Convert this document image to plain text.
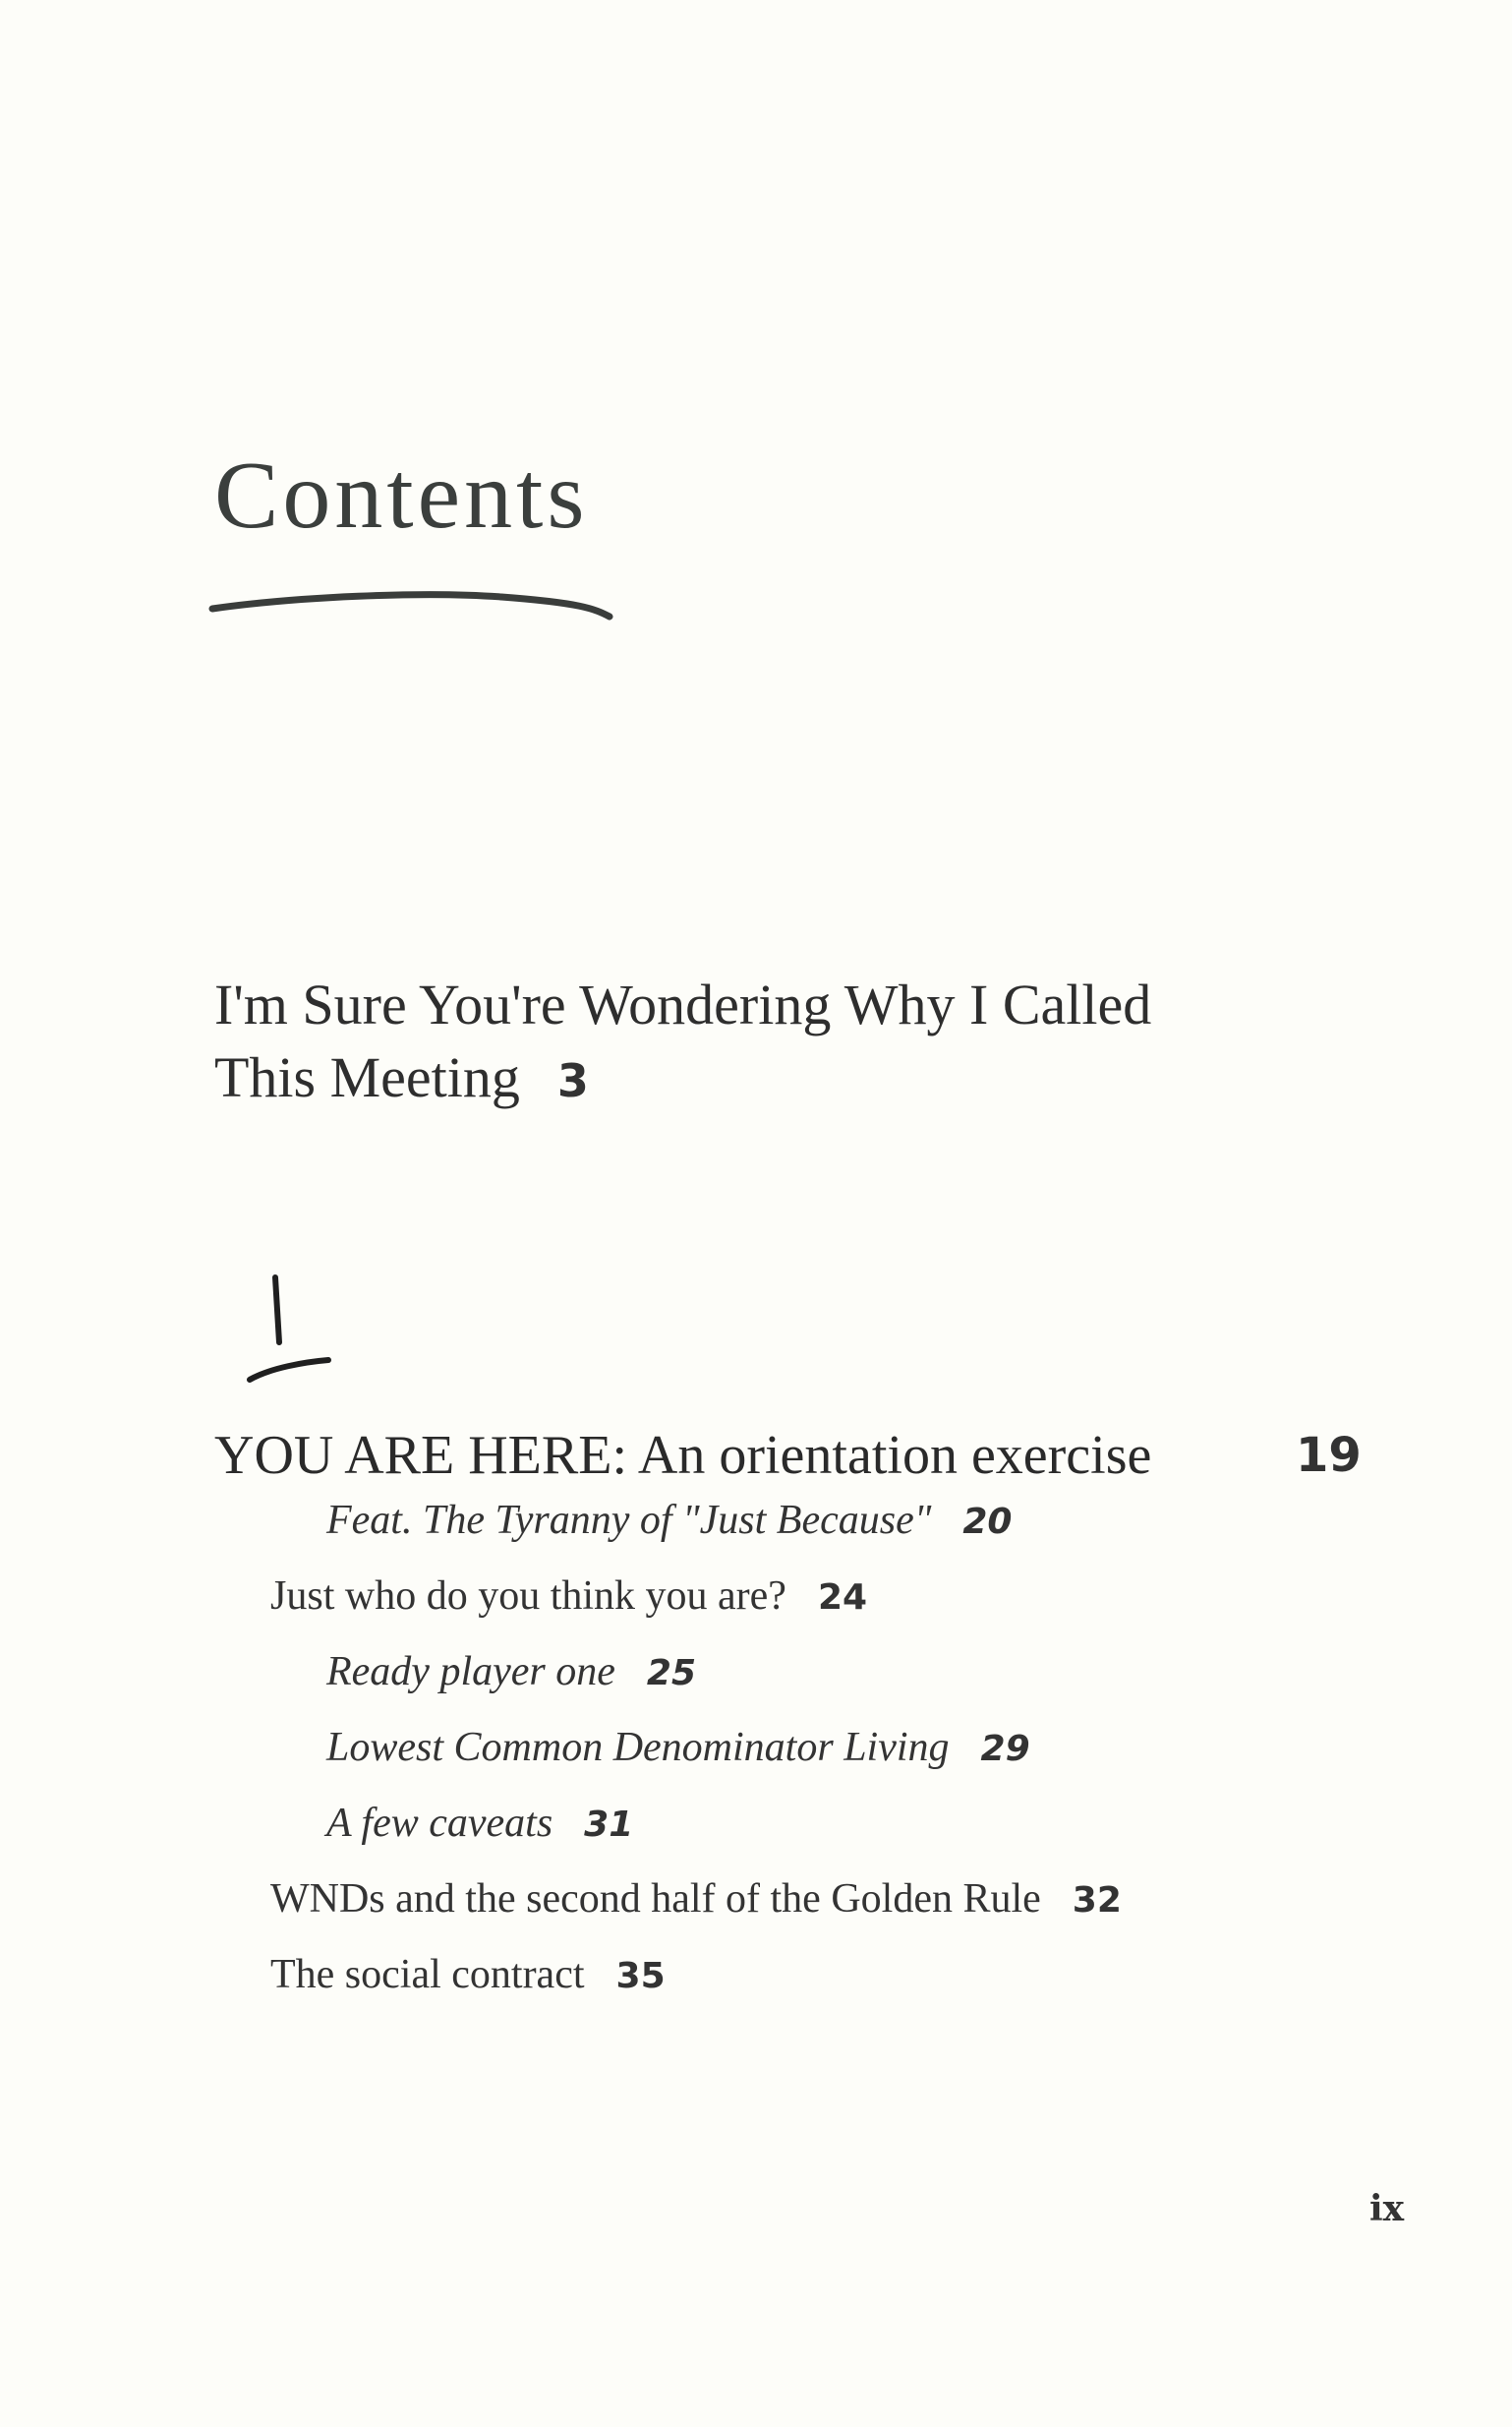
Contents
I'm Sure You're Wondering Why I Called
This Meeting 3
YOU ARE HERE: An orientation exercise	19
Feat. The Tyranny of "Just Because" 20
Just who do you think you are? 24
Ready player one 25
Lowest Common Denominator Living 29
A few caveats 31
WNDs and the second half of the Golden Rule 32
The social contract 35
ix
